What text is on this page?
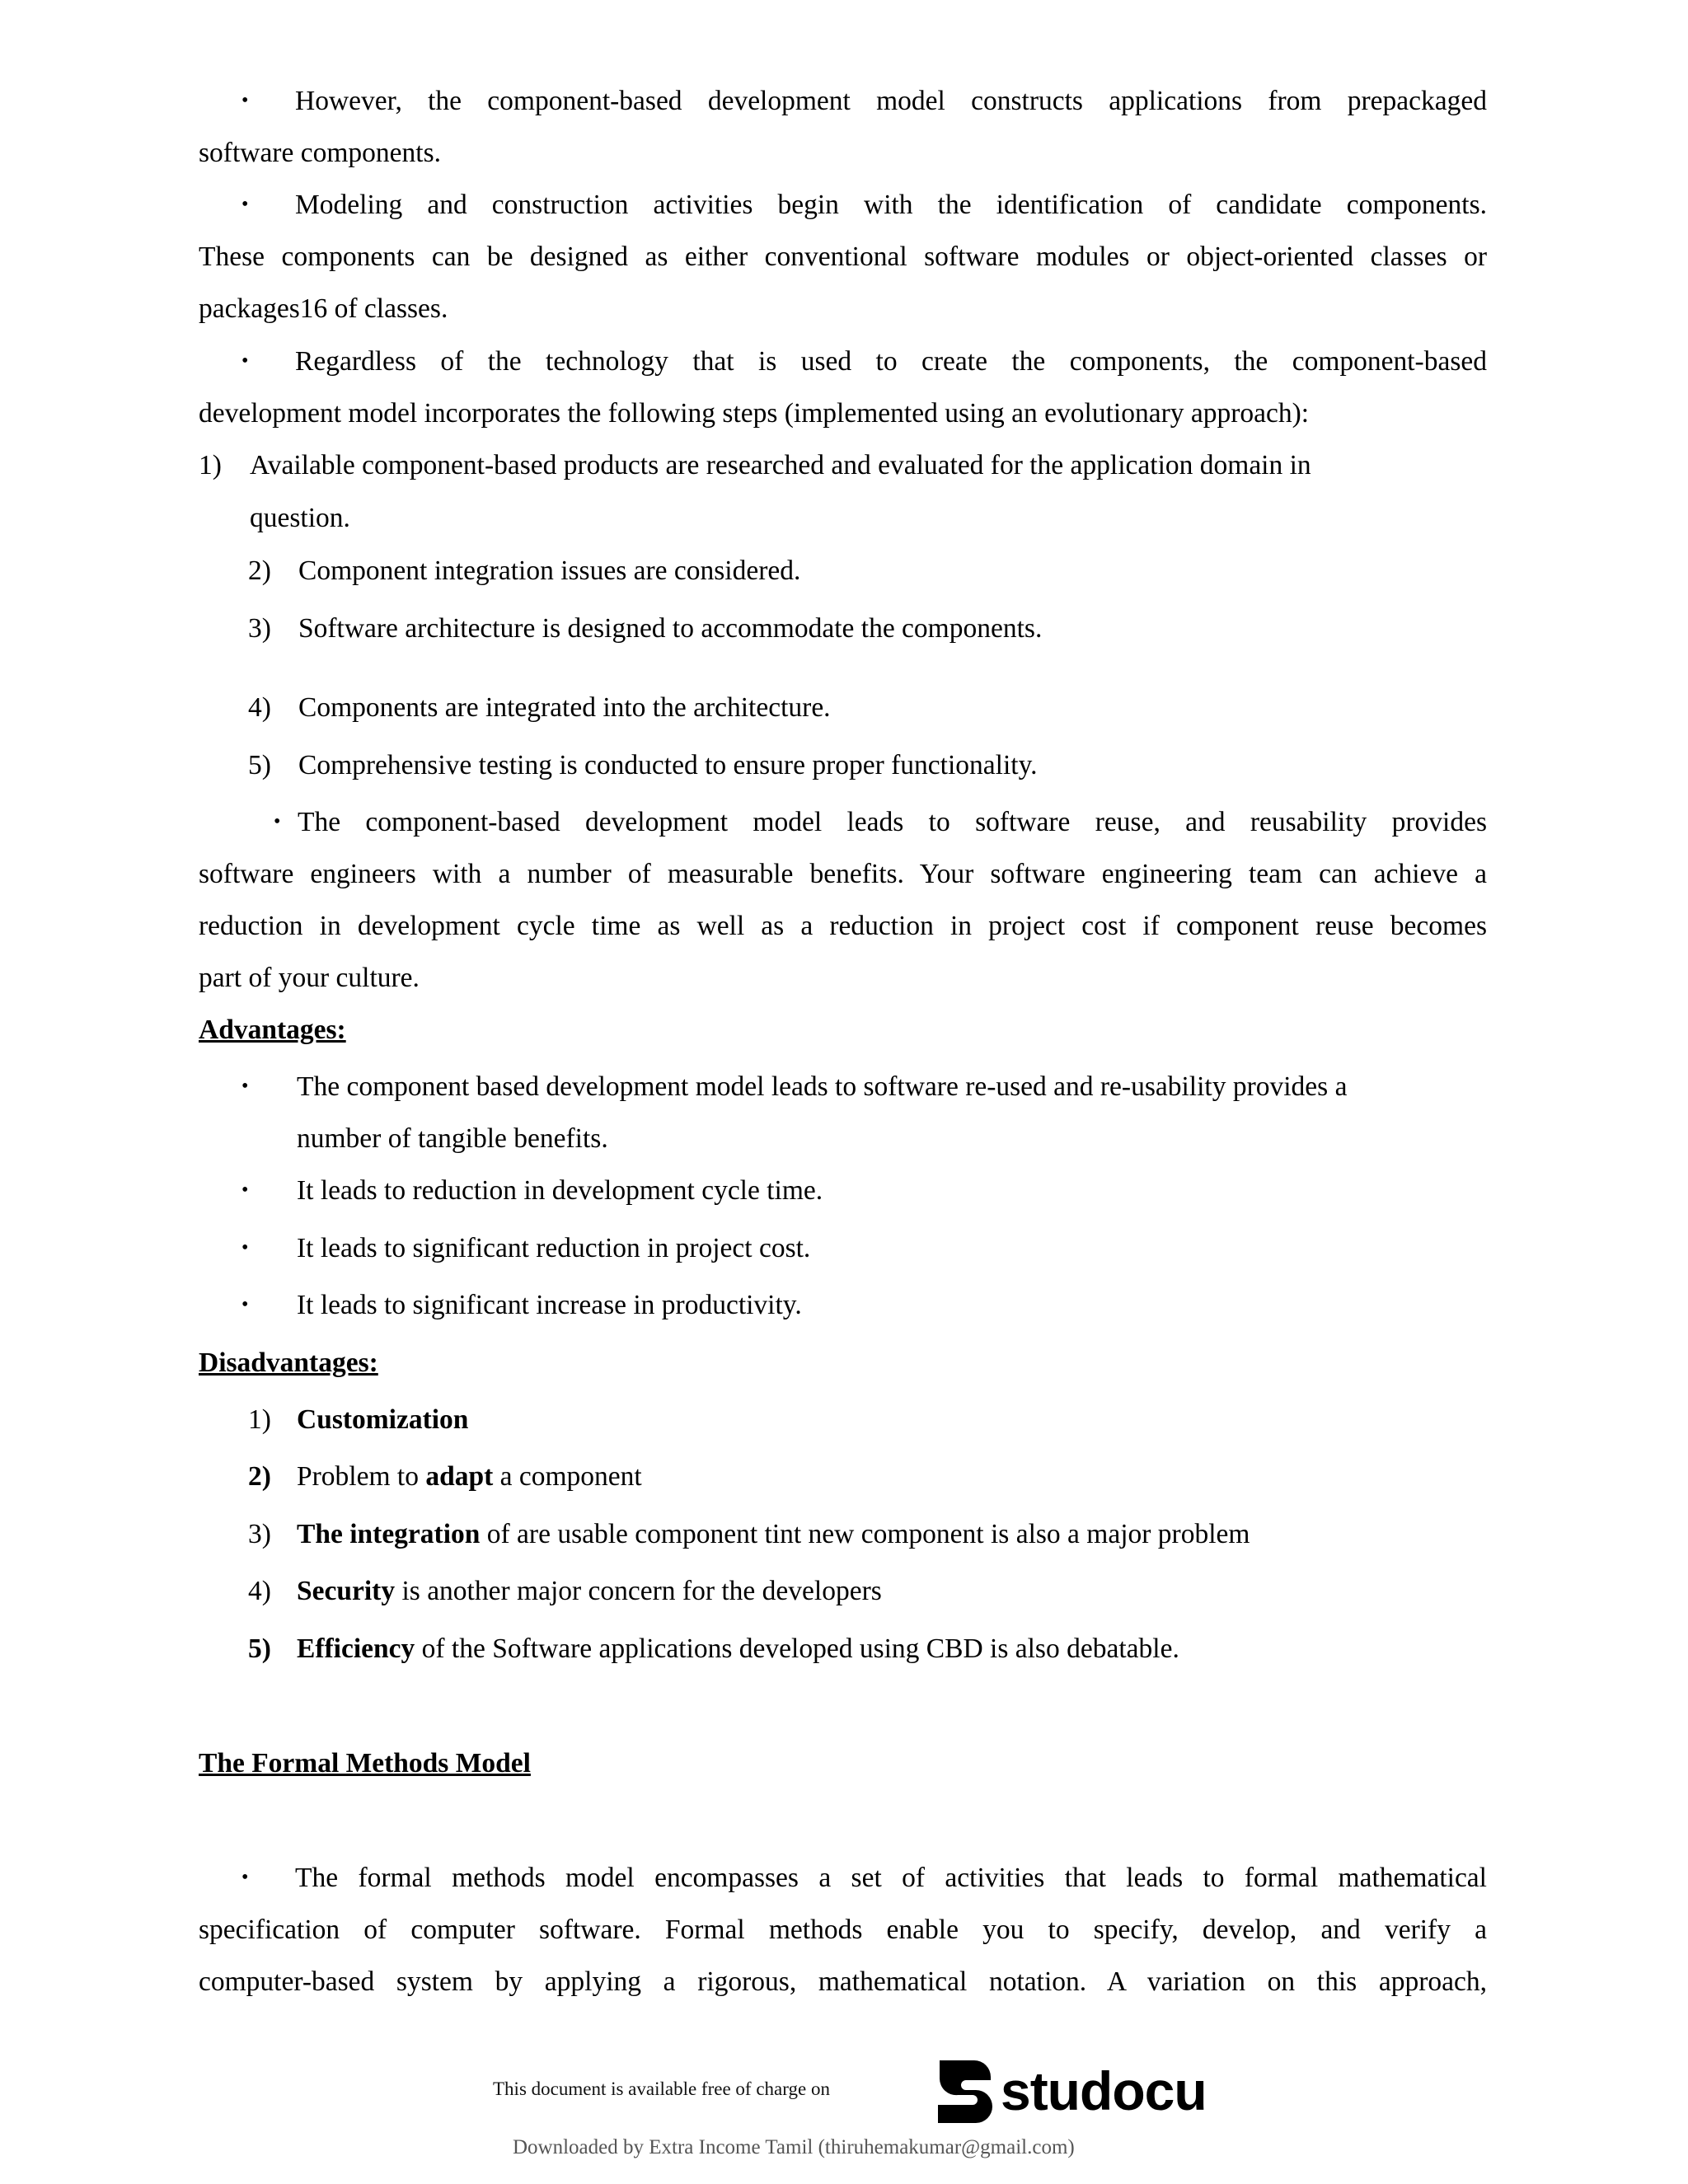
• However, the component-based development model constructs applications from prepackaged
software components.
• Modeling and construction activities begin with the identification of candidate components.
These components can be designed as either conventional software modules or object-oriented classes or
packages16 of classes.
• Regardless of the technology that is used to create the components, the component-based
development model incorporates the following steps (implemented using an evolutionary approach):
1) Available component-based products are researched and evaluated for the application domain in
question.
2) Component integration issues are considered.
3) Software architecture is designed to accommodate the components.
4) Components are integrated into the architecture.
5) Comprehensive testing is conducted to ensure proper functionality.
• The component-based development model leads to software reuse, and reusability provides
software engineers with a number of measurable benefits. Your software engineering team can achieve a
reduction in development cycle time as well as a reduction in project cost if component reuse becomes
part of your culture.
Advantages:
• The component based development model leads to software re-used and re-usability provides a
number of tangible benefits.
• It leads to reduction in development cycle time.
• It leads to significant reduction in project cost.
• It leads to significant increase in productivity.
Disadvantages:
1) Customization
2) Problem to adapt a component
3) The integration of are usable component tint new component is also a major problem
4) Security is another major concern for the developers
5) Efficiency of the Software applications developed using CBD is also debatable.
The Formal Methods Model
• The formal methods model encompasses a set of activities that leads to formal mathematical
specification of computer software. Formal methods enable you to specify, develop, and verify a
computer-based system by applying a rigorous, mathematical notation. A variation on this approach,
This document is available free of charge on	studocu
Downloaded by Extra Income Tamil (thiruhemakumar@gmail.com)
